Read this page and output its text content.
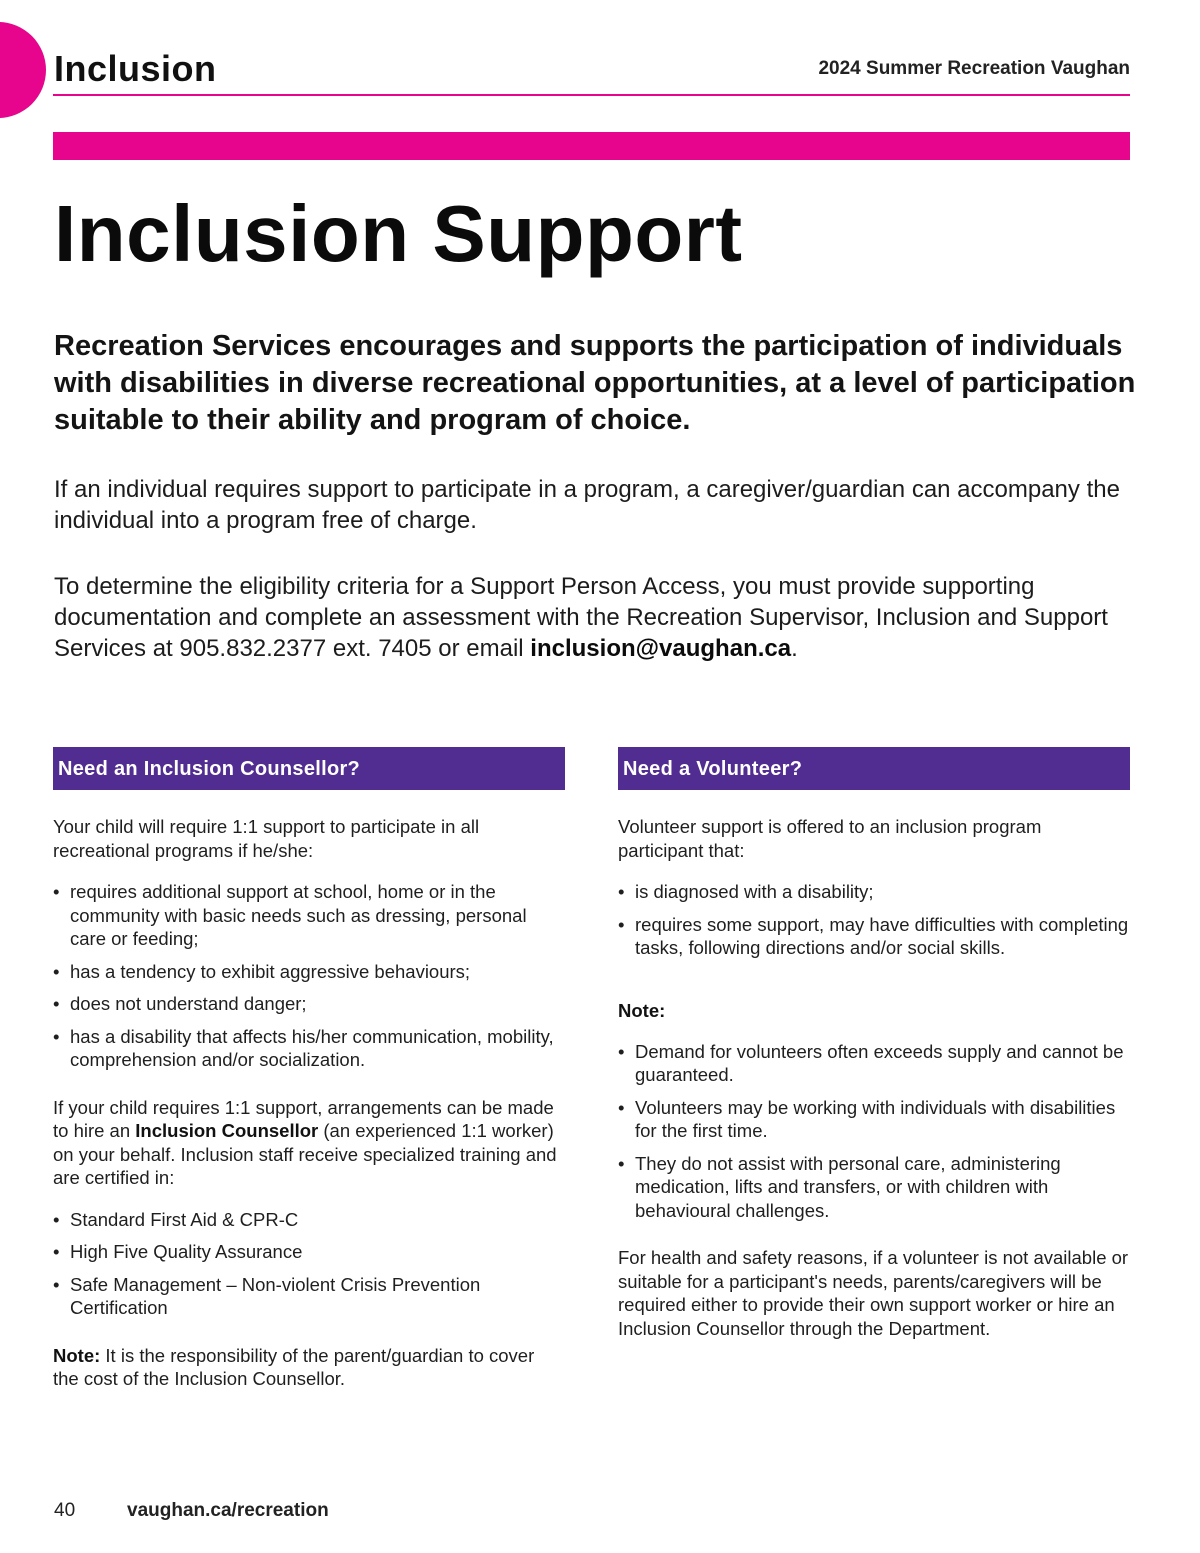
Inclusion	2024 Summer Recreation Vaughan
Inclusion Support

Recreation Services encourages and supports the participation of individuals with disabilities in diverse recreational opportunities, at a level of participation suitable to their ability and program of choice.

If an individual requires support to participate in a program, a caregiver/guardian can accompany the individual into a program free of charge.

To determine the eligibility criteria for a Support Person Access, you must provide supporting documentation and complete an assessment with the Recreation Supervisor, Inclusion and Support Services at 905.832.2377 ext. 7405 or email inclusion@vaughan.ca.

Need an Inclusion Counsellor?

Your child will require 1:1 support to participate in all recreational programs if he/she:

• requires additional support at school, home or in the community with basic needs such as dressing, personal care or feeding;
• has a tendency to exhibit aggressive behaviours;
• does not understand danger;
• has a disability that affects his/her communication, mobility, comprehension and/or socialization.

If your child requires 1:1 support, arrangements can be made to hire an Inclusion Counsellor (an experienced 1:1 worker) on your behalf. Inclusion staff receive specialized training and are certified in:

• Standard First Aid & CPR-C
• High Five Quality Assurance
• Safe Management – Non-violent Crisis Prevention Certification

Note: It is the responsibility of the parent/guardian to cover the cost of the Inclusion Counsellor.

Need a Volunteer?

Volunteer support is offered to an inclusion program participant that:

• is diagnosed with a disability;
• requires some support, may have difficulties with completing tasks, following directions and/or social skills.
Note:
• Demand for volunteers often exceeds supply and cannot be guaranteed.
• Volunteers may be working with individuals with disabilities for the first time.
• They do not assist with personal care, administering medication, lifts and transfers, or with children with behavioural challenges.

For health and safety reasons, if a volunteer is not available or suitable for a participant's needs, parents/caregivers will be required either to provide their own support worker or hire an Inclusion Counsellor through the Department.

40	vaughan.ca/recreation
